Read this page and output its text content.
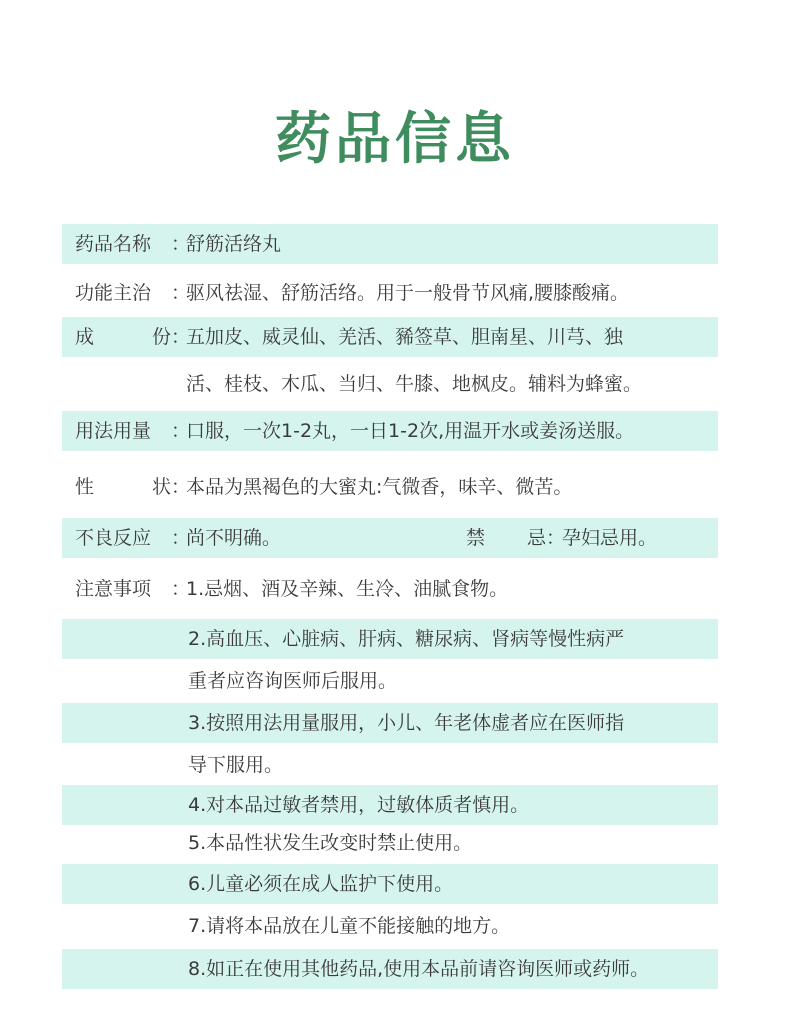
药品信息
药品名称 ：
舒筋活络丸
功能主治 ：
驱风祛湿、舒筋活络。用于一般骨节风痛,腰膝酸痛。
成	份 ：
五加皮、威灵仙、羌活、豨签草、胆南星、川芎、独
活、桂枝、木瓜、当归、牛膝、地枫皮。辅料为蜂蜜。
用法用量 ：
口服，一次1-2丸，一日1-2次,用温开水或姜汤送服。
性	状 ：
本品为黑褐色的大蜜丸:气微香，味辛、微苦。
不良反应 ：
尚不明确。	禁 忌 ：
孕妇忌用。
注意事项 ：
1.忌烟、酒及辛辣、生冷、油腻食物。
2.高血压、心脏病、肝病、糖尿病、肾病等慢性病严
重者应咨询医师后服用。
3.按照用法用量服用，小儿、年老体虚者应在医师指
导下服用。
4.对本品过敏者禁用，过敏体质者慎用。
5.本品性状发生改变时禁止使用。
6.儿童必须在成人监护下使用。
7.请将本品放在儿童不能接触的地方。
8.如正在使用其他药品,使用本品前请咨询医师或药师。
